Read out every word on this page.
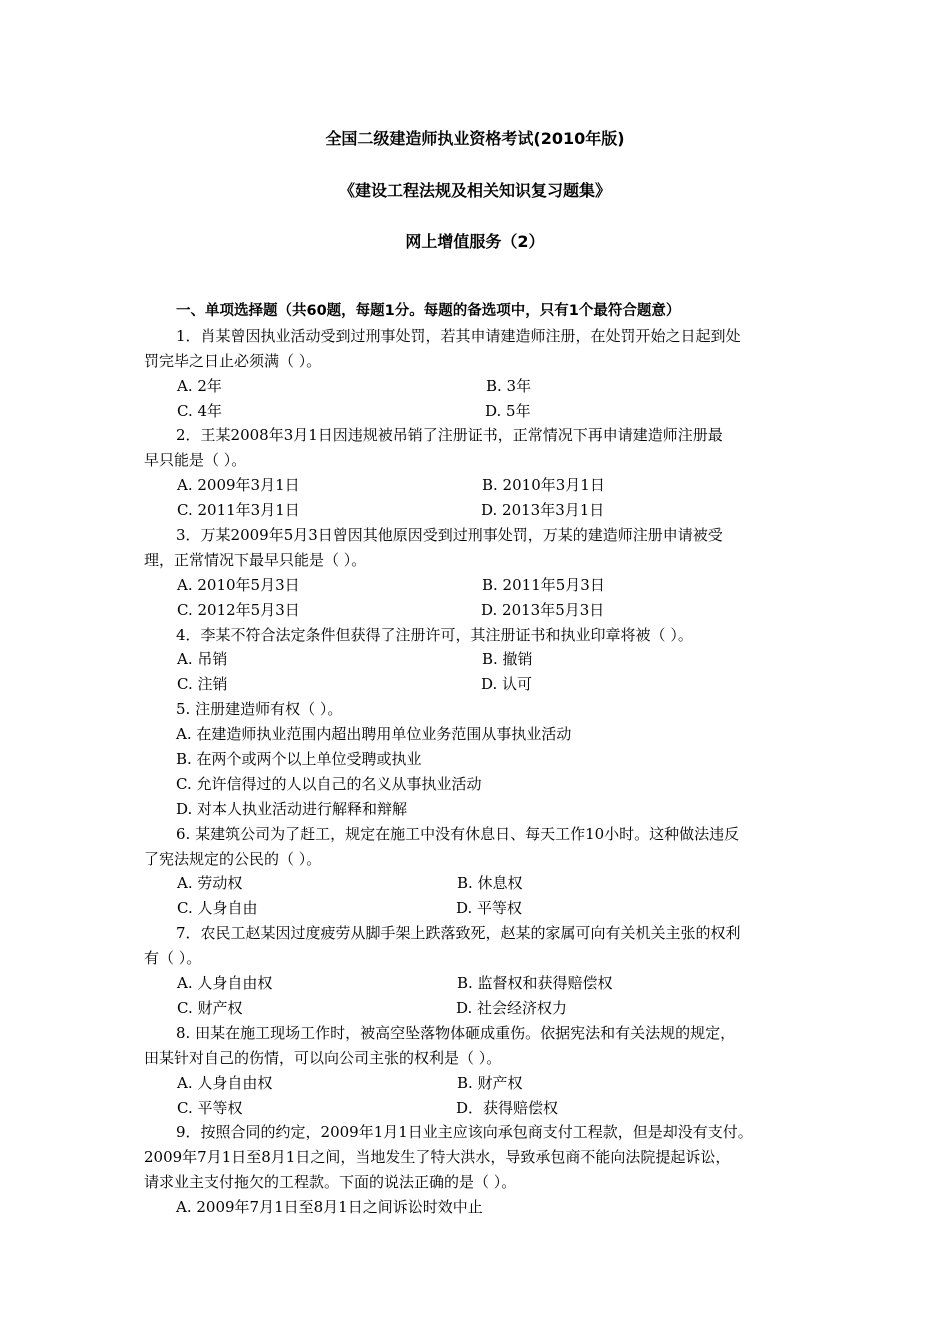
全国二级建造师执业资格考试(2010年版)
《建设工程法规及相关知识复习题集》
网上增值服务（2）
一、单项选择题（共60题，每题1分。每题的备选项中，只有1个最符合题意）
1．肖某曾因执业活动受到过刑事处罚，若其申请建造师注册，在处罚开始之日起到处
罚完毕之日止必须满（ ）。
A. 2年	B. 3年
C. 4年	D. 5年
2．王某2008年3月1日因违规被吊销了注册证书，正常情况下再申请建造师注册最
早只能是（ ）。
A. 2009年3月1日	B. 2010年3月1日
C. 2011年3月1日	D. 2013年3月1日
3．万某2009年5月3日曾因其他原因受到过刑事处罚，万某的建造师注册申请被受
理，正常情况下最早只能是（ ）。
A. 2010年5月3日	B. 2011年5月3日
C. 2012年5月3日	D. 2013年5月3日
4．李某不符合法定条件但获得了注册许可，其注册证书和执业印章将被（ ）。
A. 吊销	B. 撤销
C. 注销	D. 认可
5. 注册建造师有权（ ）。
A. 在建造师执业范围内超出聘用单位业务范围从事执业活动
B. 在两个或两个以上单位受聘或执业
C. 允许信得过的人以自己的名义从事执业活动
D. 对本人执业活动进行解释和辩解
6. 某建筑公司为了赶工，规定在施工中没有休息日、每天工作10小时。这种做法违反
了宪法规定的公民的（ ）。
A. 劳动权	B. 休息权
C. 人身自由	D. 平等权
7．农民工赵某因过度疲劳从脚手架上跌落致死，赵某的家属可向有关机关主张的权利
有（ ）。
A. 人身自由权	B. 监督权和获得赔偿权
C. 财产权	D. 社会经济权力
8. 田某在施工现场工作时，被高空坠落物体砸成重伤。依据宪法和有关法规的规定，
田某针对自己的伤情，可以向公司主张的权利是（ ）。
A. 人身自由权	B. 财产权
C. 平等权	D．获得赔偿权
9．按照合同的约定，2009年1月1日业主应该向承包商支付工程款，但是却没有支付。
2009年7月1日至8月1日之间，当地发生了特大洪水，导致承包商不能向法院提起诉讼，
请求业主支付拖欠的工程款。下面的说法正确的是（ ）。
A. 2009年7月1日至8月1日之间诉讼时效中止
